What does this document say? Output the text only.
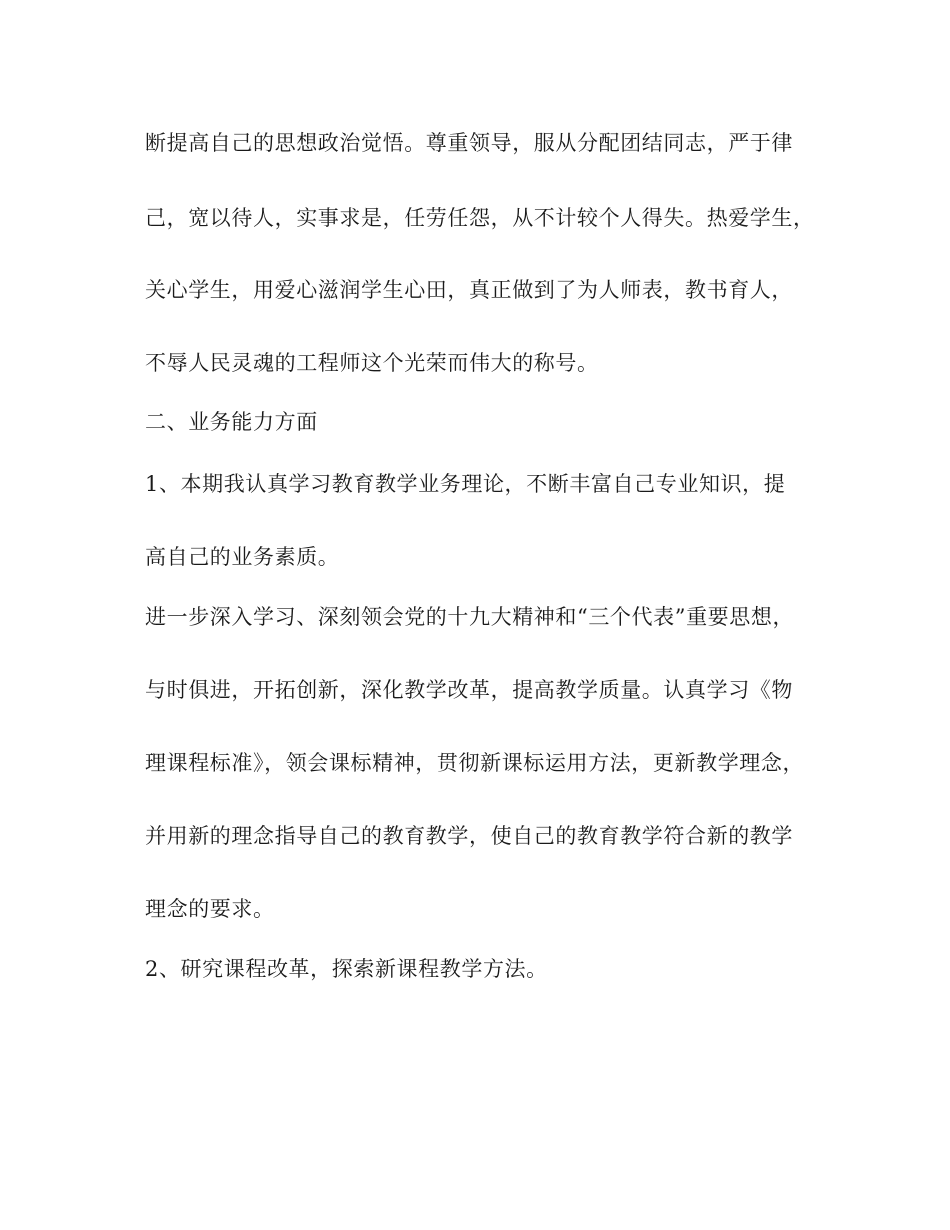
断提高自己的思想政治觉悟。尊重领导，服从分配团结同志，严于律

己，宽以待人，实事求是，任劳任怨，从不计较个人得失。热爱学生，

关心学生，用爱心滋润学生心田，真正做到了为人师表，教书育人，

不辱人民灵魂的工程师这个光荣而伟大的称号。

二、业务能力方面

1、本期我认真学习教育教学业务理论，不断丰富自己专业知识，提

高自己的业务素质。

进一步深入学习、深刻领会党的十九大精神和“三个代表”重要思想，

与时俱进，开拓创新，深化教学改革，提高教学质量。认真学习《物

理课程标准》，领会课标精神，贯彻新课标运用方法，更新教学理念，

并用新的理念指导自己的教育教学，使自己的教育教学符合新的教学

理念的要求。

2、研究课程改革，探索新课程教学方法。
